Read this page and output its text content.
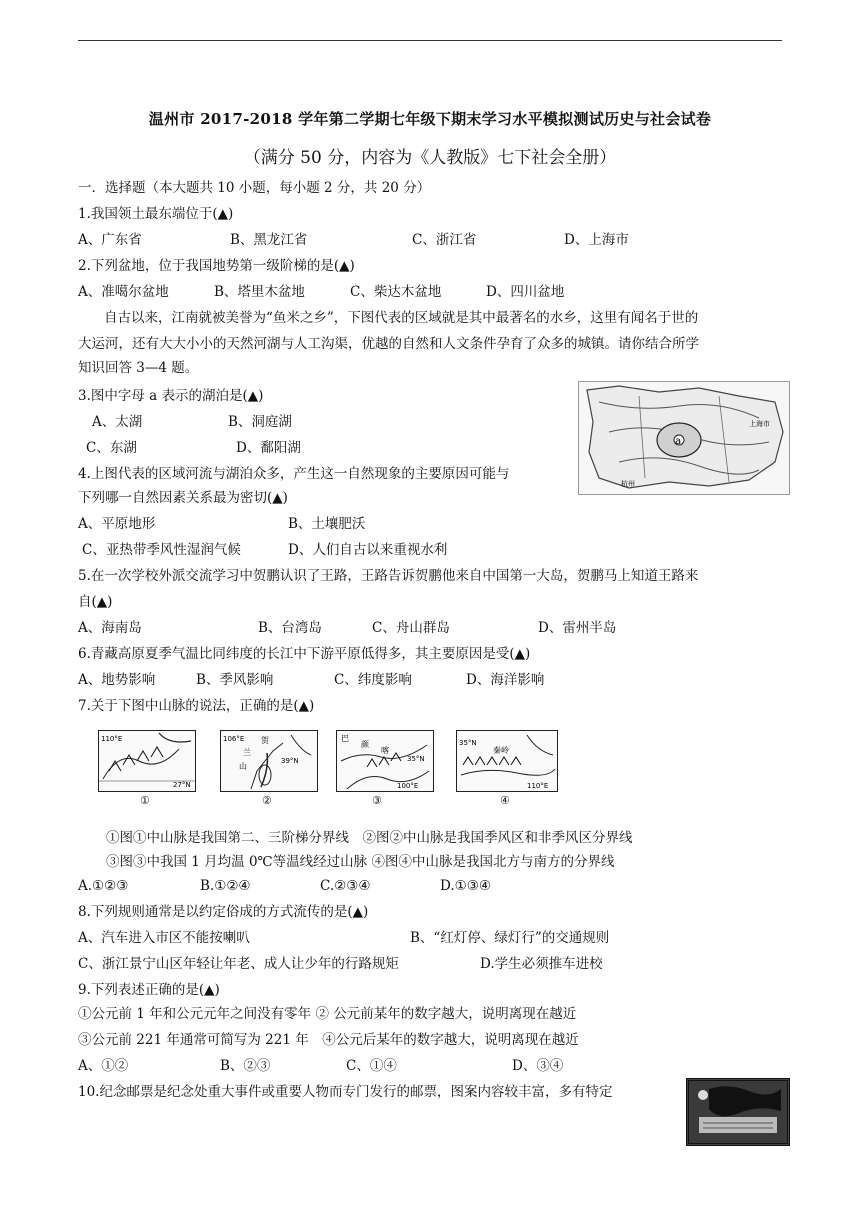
温州市 2017-2018 学年第二学期七年级下期末学习水平模拟测试历史与社会试卷
（满分 50 分，内容为《人教版》七下社会全册）
一．选择题（本大题共 10 小题，每小题 2 分，共 20 分）
1.我国领土最东端位于(▲)
A、广东省	B、黑龙江省	C、浙江省	D、上海市
2.下列盆地，位于我国地势第一级阶梯的是(▲)
A、准噶尔盆地	B、塔里木盆地	C、柴达木盆地	D、四川盆地
自古以来，江南就被美誉为“鱼米之乡”，下图代表的区域就是其中最著名的水乡，这里有闻名于世的
大运河，还有大大小小的天然河湖与人工沟渠，优越的自然和人文条件孕育了众多的城镇。请你结合所学
知识回答 3—4 题。
a
上海市
杭州
3.图中字母 a 表示的湖泊是(▲)
A、太湖	B、洞庭湖
C、东湖	D、鄱阳湖
4.上图代表的区域河流与湖泊众多，产生这一自然现象的主要原因可能与
下列哪一自然因素关系最为密切(▲)
A、平原地形	B、土壤肥沃
C、亚热带季风性湿润气候	D、人们自古以来重视水利
5.在一次学校外派交流学习中贺鹏认识了王路，王路告诉贺鹏他来自中国第一大岛，贺鹏马上知道王路来
自(▲)
A、海南岛	B、台湾岛	C、舟山群岛	D、雷州半岛
6.青藏高原夏季气温比同纬度的长江中下游平原低得多，其主要原因是受(▲)
A、地势影响	B、季风影响	C、纬度影响	D、海洋影响
7.关于下图中山脉的说法，正确的是(▲)
110°E
27°N
①
106°E
39°N
贺
兰
山
②
巴
颜
喀
35°N
100°E
③
35°N
秦岭
110°E
④
①图①中山脉是我国第二、三阶梯分界线　②图②中山脉是我国季风区和非季风区分界线
③图③中我国 1 月均温 0℃等温线经过山脉 ④图④中山脉是我国北方与南方的分界线
A.①②③	B.①②④	C.②③④	D.①③④
8.下列规则通常是以约定俗成的方式流传的是(▲)
A、汽车进入市区不能按喇叭	B、“红灯停、绿灯行”的交通规则
C、浙江景宁山区年轻让年老、成人让少年的行路规矩	D.学生必须推车进校
9.下列表述正确的是(▲)
①公元前 1 年和公元元年之间没有零年 ② 公元前某年的数字越大，说明离现在越近
③公元前 221 年通常可简写为 221 年　④公元后某年的数字越大，说明离现在越近
A、①②	B、②③	C、①④	D、③④
10.纪念邮票是纪念处重大事件或重要人物而专门发行的邮票，图案内容较丰富，多有特定
